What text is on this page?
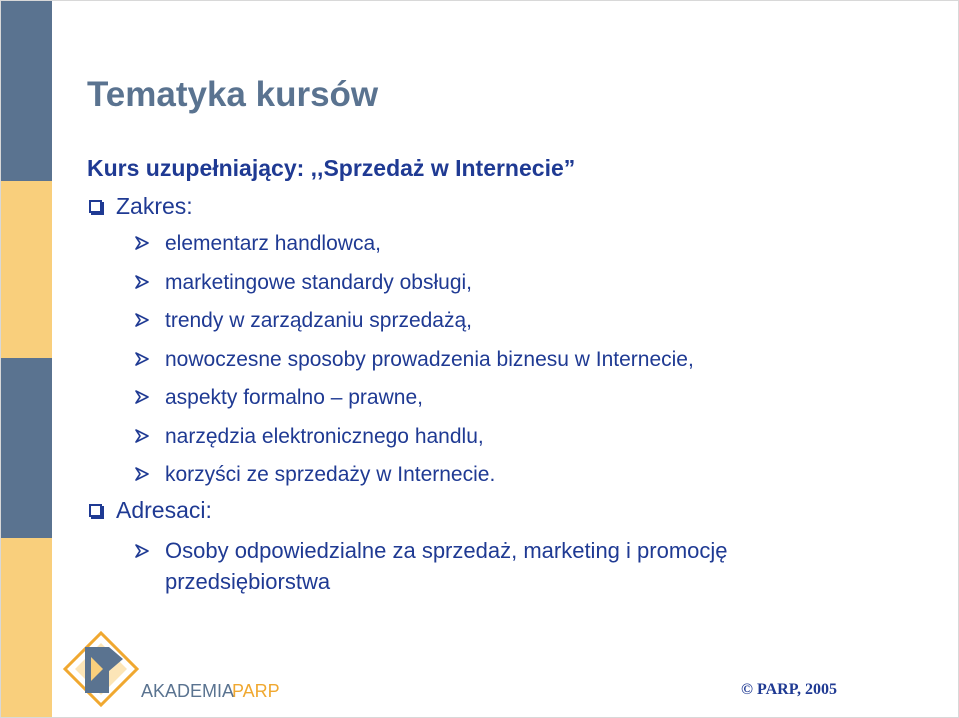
Tematyka kursów
Kurs uzupełniający: ,,Sprzedaż w Internecie”
Zakres:
elementarz handlowca,
marketingowe standardy obsługi,
trendy w zarządzaniu sprzedażą,
nowoczesne sposoby prowadzenia biznesu w Internecie,
aspekty formalno – prawne,
narzędzia elektronicznego handlu,
korzyści ze sprzedaży w Internecie.
Adresaci:
Osoby odpowiedzialne za sprzedaż, marketing i promocję przedsiębiorstwa
AKADEMIA
PARP	© PARP, 2005
